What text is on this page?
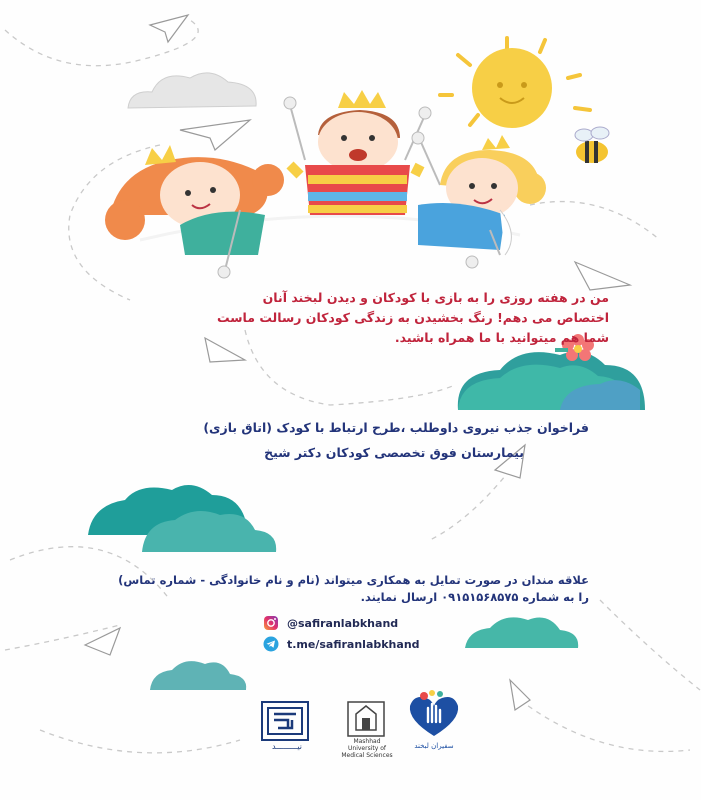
من در هفته روزی را به بازی با کودکان و دیدن لبخند آنان
اختصاص می دهم! رنگ بخشیدن به زندگی کودکان رسالت ماست
شما هم میتوانید با ما همراه باشید.
فراخوان جذب نیروی داوطلب ،طرح ارتباط با کودک (اتاق بازی)
بیمارستان فوق تخصصی کودکان دکتر شیخ
علاقه مندان در صورت تمایل به همکاری میتواند (نام و نام خانوادگی - شماره تماس)
را به شماره ۰۹۱۵۱۵۶۸۵۷۵ ارسال نمایند.
@safiranlabkhand
t.me/safiranlabkhand
نیـــــــــد
Mashhad University of Medical Sciences
سفیران لبخند
